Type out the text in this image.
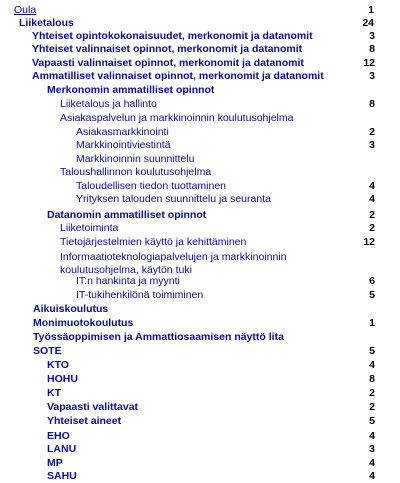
Oula	1
Liiketalous	24
Yhteiset opintokokonaisuudet, merkonomit ja datanomit	3
Yhteiset valinnaiset opinnot, merkonomit ja datanomit	8
Vapaasti valinnaiset opinnot, merkonomit ja datanomit	12
Ammatilliset valinnaiset opinnot, merkonomit ja datanomit	3
Merkonomin ammatilliset opinnot
Liiketalous ja hallinto	8
Asiakaspalvelun ja markkinoinnin koulutusohjelma
Asiakasmarkkinointi	2
Markkinointiviestintä	3
Markkinoinnin suunnittelu
Taloushallinnon koulutusohjelma
Taloudellisen tiedon tuottaminen	4
Yrityksen talouden suunnittelu ja seuranta	4
Datanomin ammatilliset opinnot	2
Liiketoiminta	2
Tietojärjestelmien käyttö ja kehittäminen	12
Informaatioteknologiapalvelujen ja markkinoinnin koulutusohjelma, käytön tuki
IT:n hankinta ja myynti	6
IT-tukihenkilönä toimiminen	5
Aikuiskoulutus
Monimuotokoulutus	1
Työssäoppimisen ja Ammattiosaamisen näyttö lita
SOTE	5
KTO	4
HOHU	8
KT	2
Vapaasti valittavat	2
Yhteiset aineet	5
EHO	4
LANU	3
MP	4
SAHU	4
